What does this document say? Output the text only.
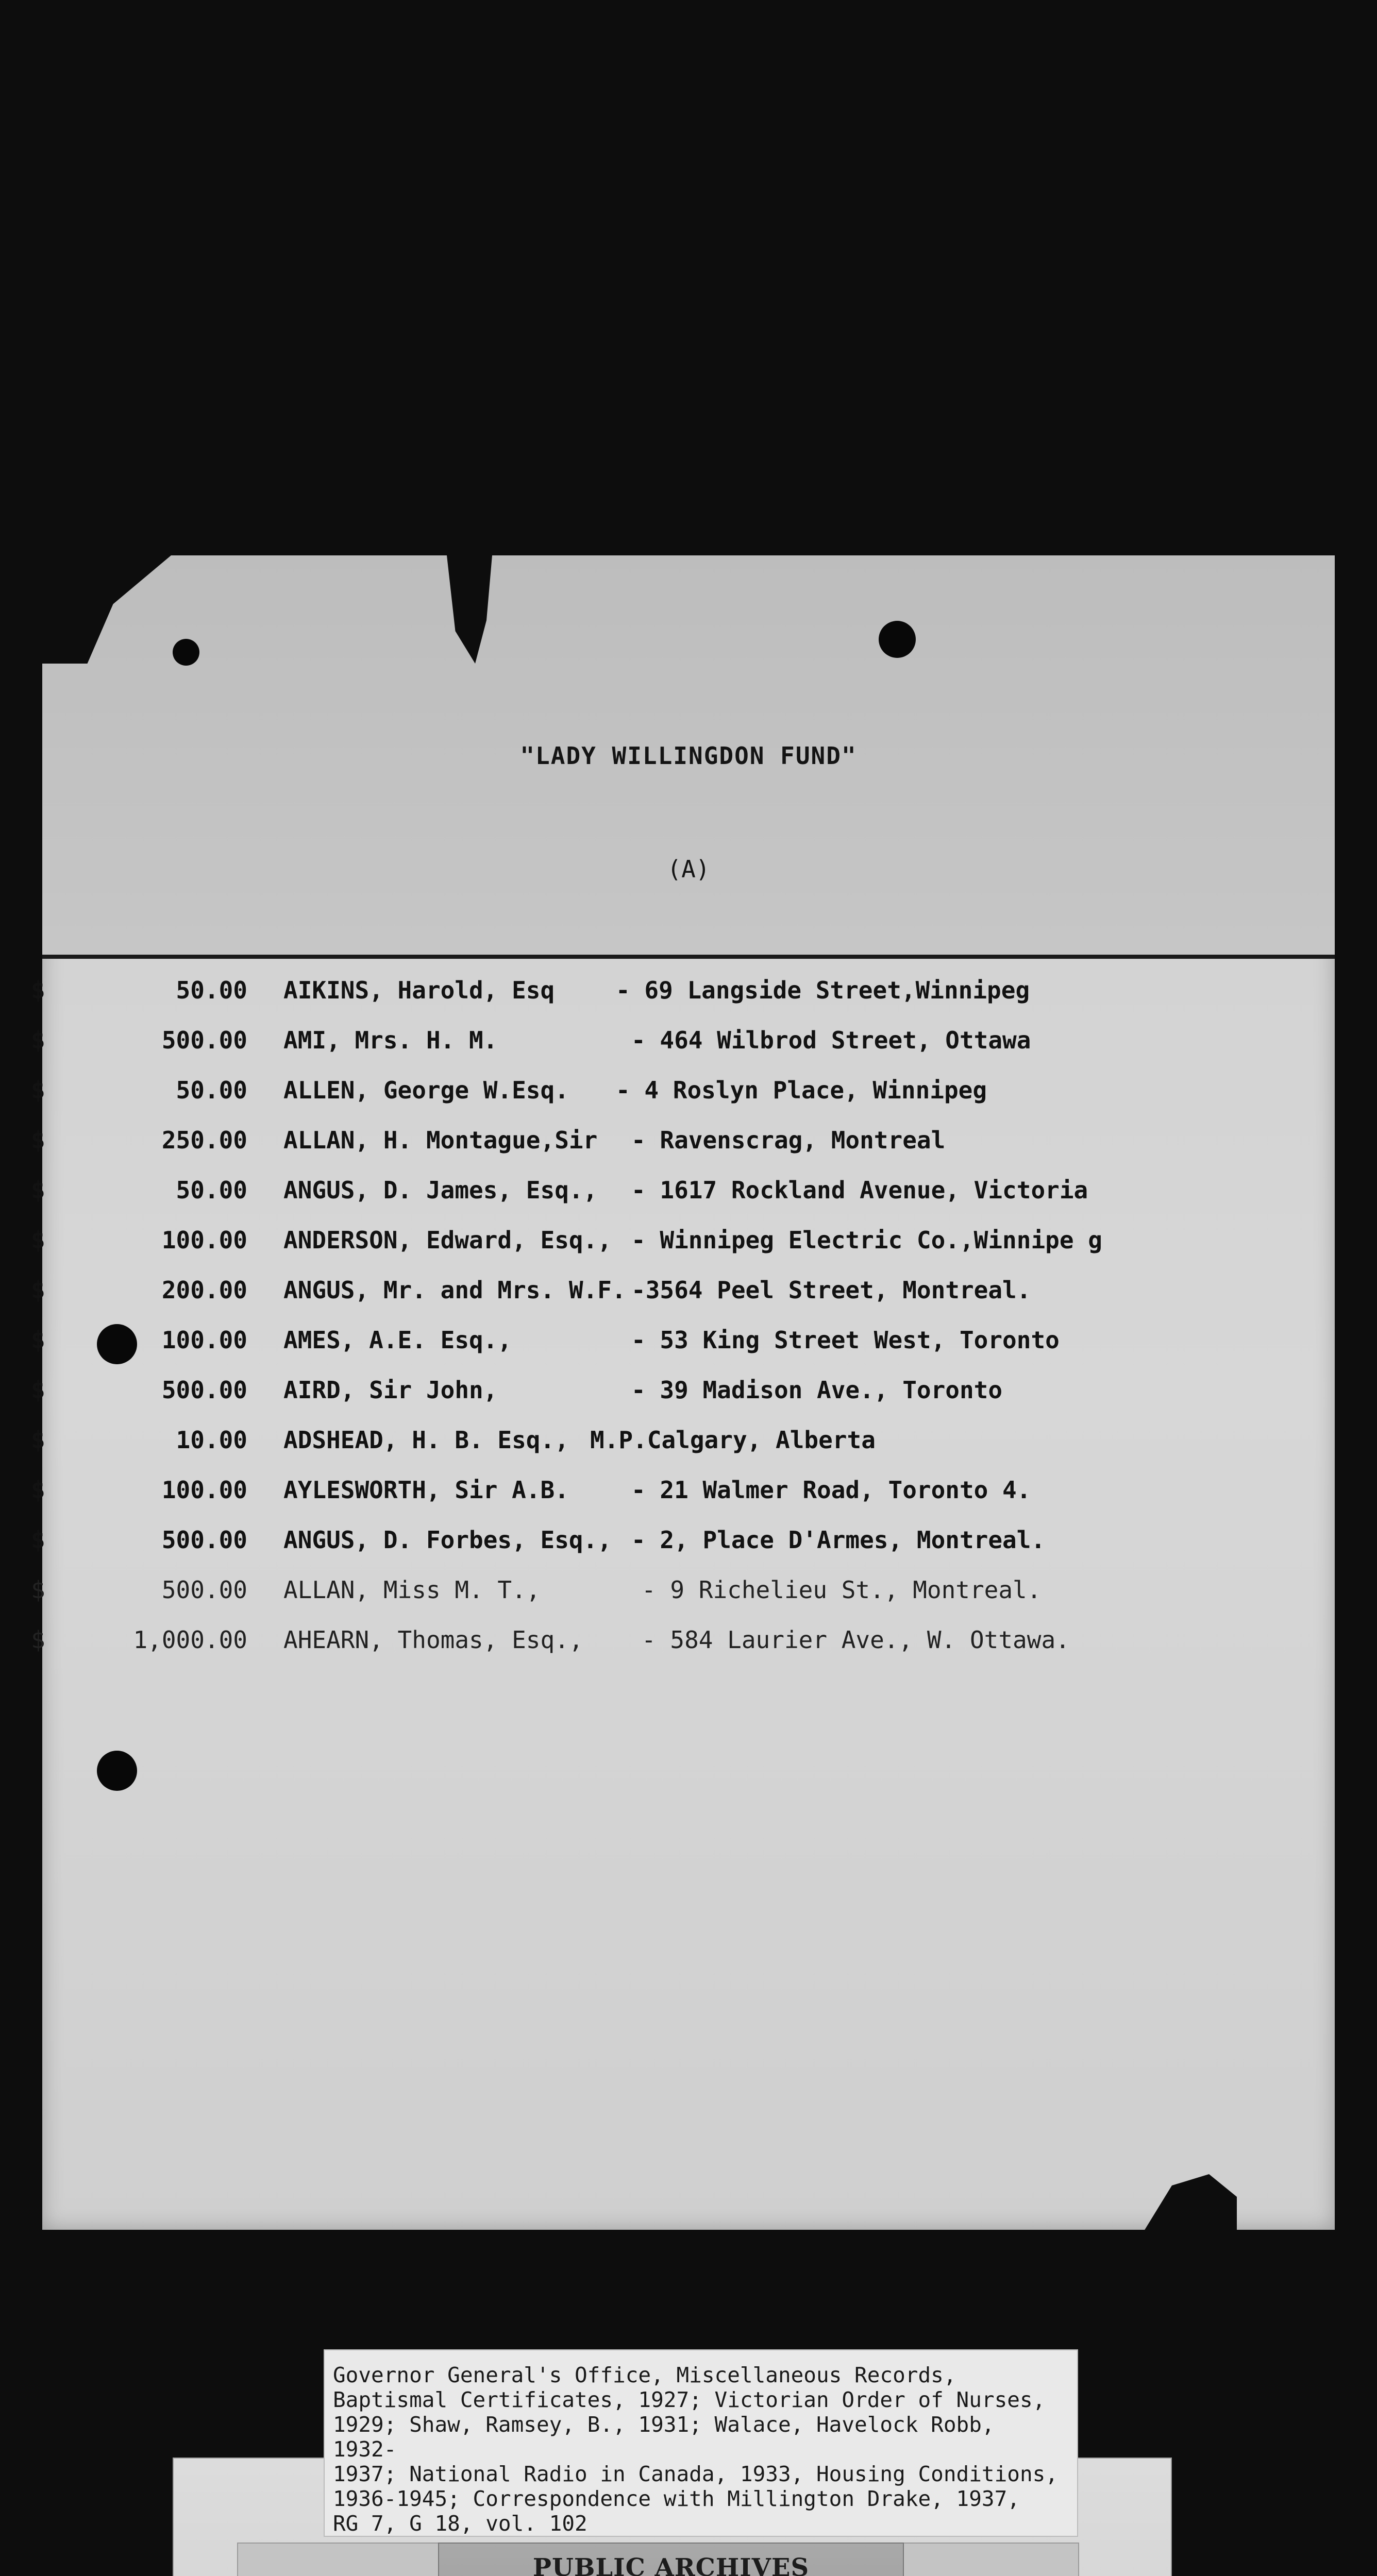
"LADY WILLINGDON FUND"
(A)
$	50.00 AIKINS, Harold, Esq	- 69 Langside Street,Winnipeg
$	500.00 AMI, Mrs. H. M.	- 464 Wilbrod Street, Ottawa
$	50.00 ALLEN, George W.Esq. - 4 Roslyn Place, Winnipeg
$	250.00 ALLAN, H. Montague,Sir - Ravenscrag, Montreal
$	50.00 ANGUS, D. James, Esq., - 1617 Rockland Avenue, Victoria
$	100.00 ANDERSON, Edward, Esq., - Winnipeg Electric Co.,Winnipe g
$	200.00 ANGUS, Mr. and Mrs. W.F. -3564 Peel Street, Montreal.
$	100.00 AMES, A.E. Esq.,	- 53 King Street West, Toronto
$	500.00 AIRD, Sir John,	- 39 Madison Ave., Toronto
$	10.00 ADSHEAD, H. B. Esq., M.P.Calgary, Alberta
$	100.00 AYLESWORTH, Sir A.B.	- 21 Walmer Road, Toronto 4.
$	500.00 ANGUS, D. Forbes, Esq., - 2, Place D'Armes, Montreal.
$	500.00 ALLAN, Miss M. T.,	- 9 Richelieu St., Montreal.
$	1,000.00 AHEARN, Thomas, Esq., - 584 Laurier Ave., W. Ottawa.
Governor General's Office, Miscellaneous Records,
Baptismal Certificates, 1927; Victorian Order of Nurses,
1929; Shaw, Ramsey, B., 1931; Walace, Havelock Robb, 1932-
1937; National Radio in Canada, 1933, Housing Conditions,
1936-1945; Correspondence with Millington Drake, 1937,
RG 7, G 18, vol. 102
PUBLIC ARCHIVES
